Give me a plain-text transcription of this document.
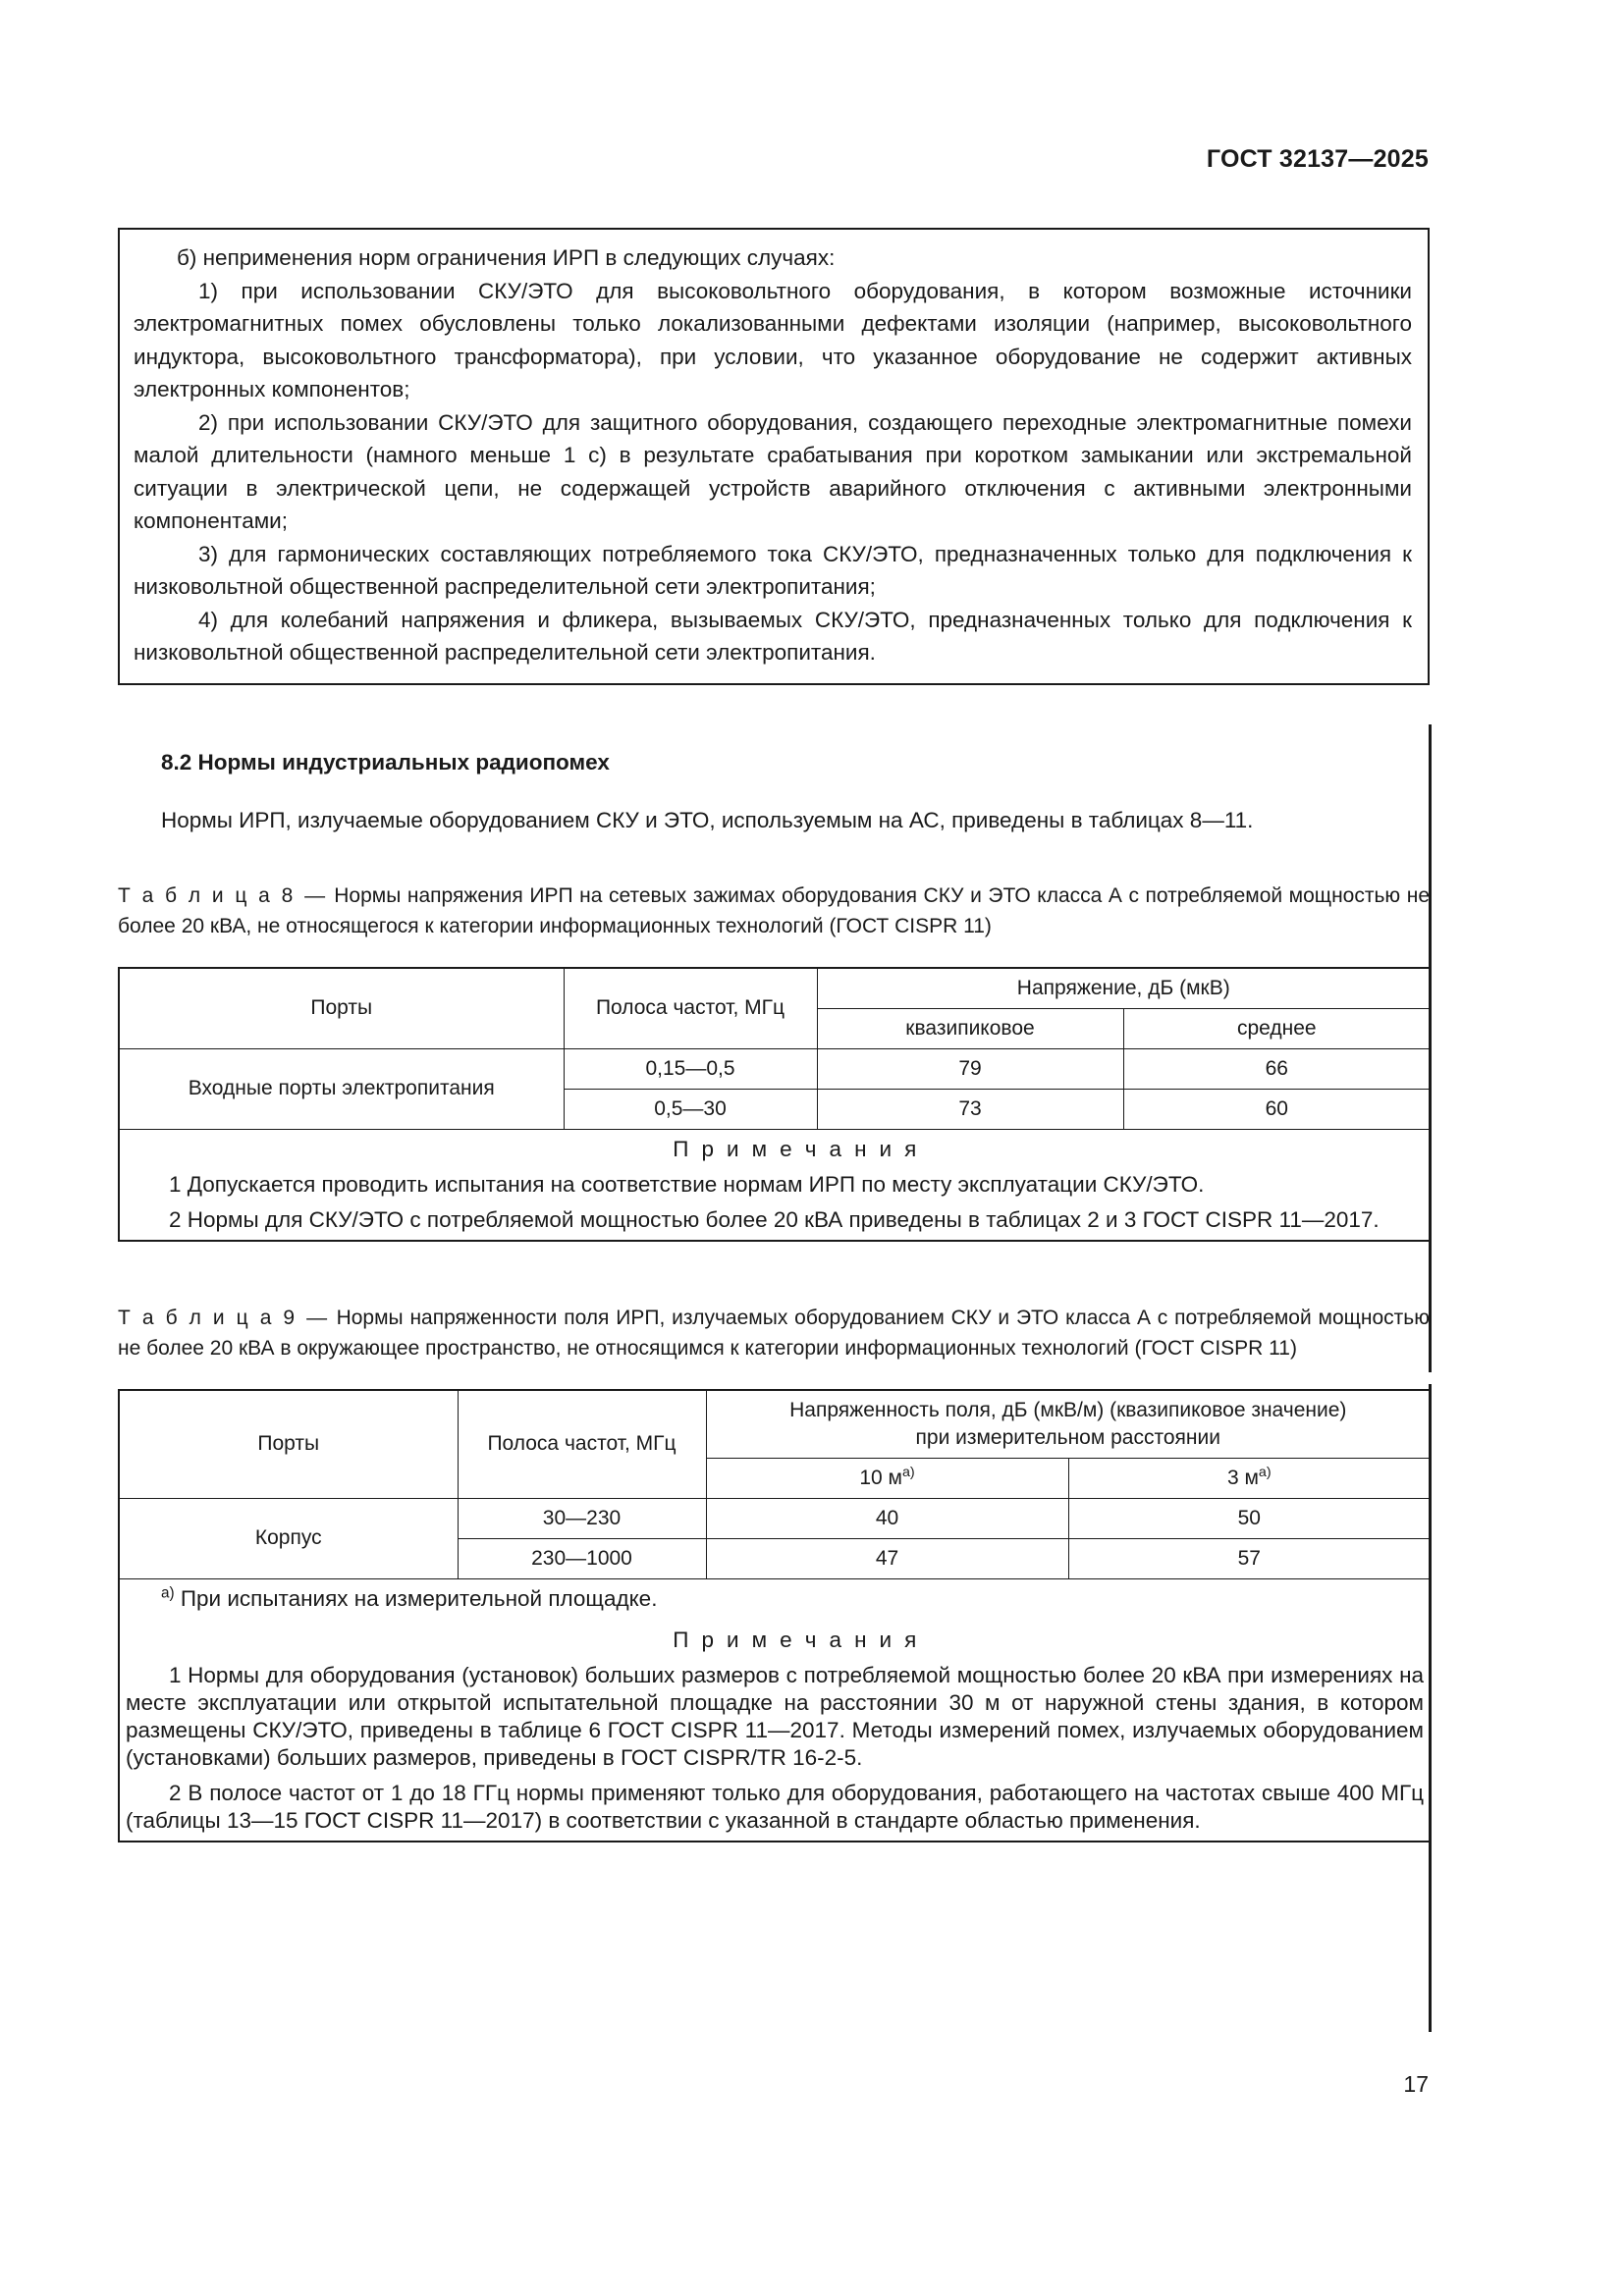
ГОСТ 32137—2025

б) неприменения норм ограничения ИРП в следующих случаях:

1) при использовании СКУ/ЭТО для высоковольтного оборудования, в котором возможные источники электромагнитных помех обусловлены только локализованными дефектами изоляции (например, высоковольтного индуктора, высоковольтного трансформатора), при условии, что указанное оборудование не содержит активных электронных компонентов;

2) при использовании СКУ/ЭТО для защитного оборудования, создающего переходные электромагнитные помехи малой длительности (намного меньше 1 с) в результате срабатывания при коротком замыкании или экстремальной ситуации в электрической цепи, не содержащей устройств аварийного отключения с активными электронными компонентами;

3) для гармонических составляющих потребляемого тока СКУ/ЭТО, предназначенных только для подключения к низковольтной общественной распределительной сети электропитания;

4) для колебаний напряжения и фликера, вызываемых СКУ/ЭТО, предназначенных только для подключения к низковольтной общественной распределительной сети электропитания.

8.2 Нормы индустриальных радиопомех

Нормы ИРП, излучаемые оборудованием СКУ и ЭТО, используемым на АС, приведены в таблицах 8—11.

Т а б л и ц а 8 — Нормы напряжения ИРП на сетевых зажимах оборудования СКУ и ЭТО класса А с потребляемой мощностью не более 20 кВА, не относящегося к категории информационных технологий (ГОСТ CISPR 11)

Порты	Полоса частот, МГц	Напряжение, дБ (мкВ)	
		квазипиковое	среднее
Входные порты электропитания	0,15—0,5	79	66
	0,5—30	73	60

П р и м е ч а н и я
1 Допускается проводить испытания на соответствие нормам ИРП по месту эксплуатации СКУ/ЭТО.
2 Нормы для СКУ/ЭТО с потребляемой мощностью более 20 кВА приведены в таблицах 2 и 3 ГОСТ CISPR 11—2017.			

Т а б л и ц а 9 — Нормы напряженности поля ИРП, излучаемых оборудованием СКУ и ЭТО класса А с потребляемой мощностью не более 20 кВА в окружающее пространство, не относящимся к категории информационных технологий (ГОСТ CISPR 11)

Порты	Полоса частот, МГц	Напряженность поля, дБ (мкВ/м) (квазипиковое значение)
при измерительном расстоянии	
		10 $м^{а)}$	3 $м^{а)}$
Корпус	30—230	40	50
	230—1000	47	57

$^{а)}$ При испытаниях на измерительной площадке.
П р и м е ч а н и я
1 Нормы для оборудования (установок) больших размеров с потребляемой мощностью более 20 кВА при измерениях на месте эксплуатации или открытой испытательной площадке на расстоянии 30 м от наружной стены здания, в котором размещены СКУ/ЭТО, приведены в таблице 6 ГОСТ CISPR 11—2017. Методы измерений помех, излучаемых оборудованием (установками) больших размеров, приведены в ГОСТ CISPR/TR 16-2-5.
2 В полосе частот от 1 до 18 ГГц нормы применяют только для оборудования, работающего на частотах свыше 400 МГц (таблицы 13—15 ГОСТ CISPR 11—2017) в соответствии с указанной в стандарте областью применения.			
17
